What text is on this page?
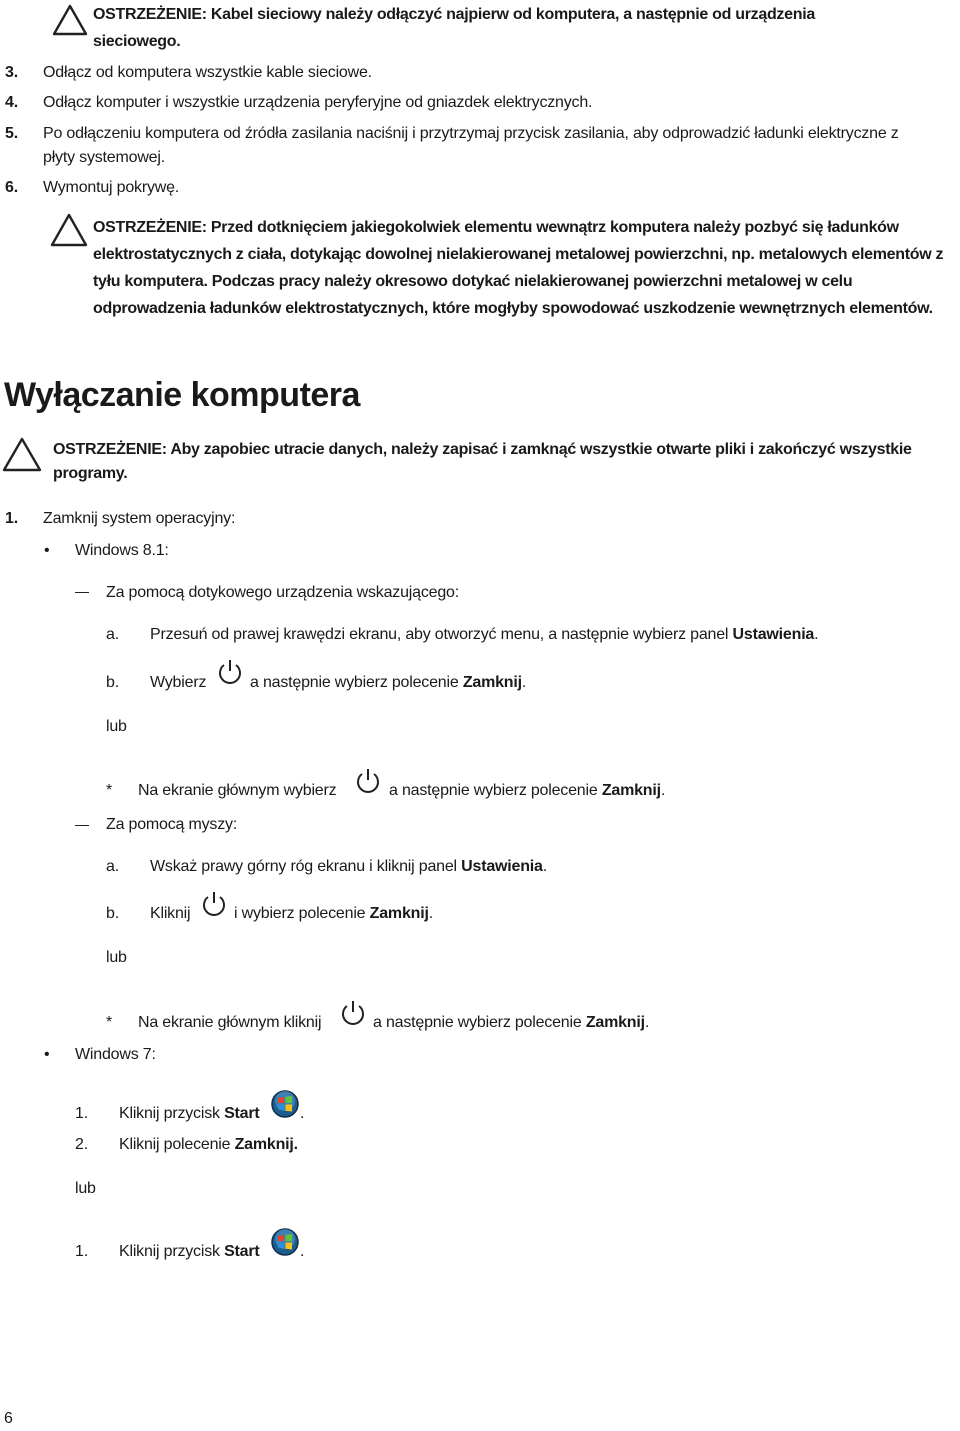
OSTRZEŻENIE: Kabel sieciowy należy odłączyć najpierw od komputera, a następnie od urządzenia sieciowego.
3. Odłącz od komputera wszystkie kable sieciowe.
4. Odłącz komputer i wszystkie urządzenia peryferyjne od gniazdek elektrycznych.
5. Po odłączeniu komputera od źródła zasilania naciśnij i przytrzymaj przycisk zasilania, aby odprowadzić ładunki elektryczne z
płyty systemowej.
6. Wymontuj pokrywę.
OSTRZEŻENIE: Przed dotknięciem jakiegokolwiek elementu wewnątrz komputera należy pozbyć się ładunków elektrostatycznych z ciała, dotykając dowolnej nielakierowanej metalowej powierzchni, np. metalowych elementów z tyłu komputera. Podczas pracy należy okresowo dotykać nielakierowanej powierzchni metalowej w celu odprowadzenia ładunków elektrostatycznych, które mogłyby spowodować uszkodzenie wewnętrznych elementów.
Wyłączanie komputera
OSTRZEŻENIE: Aby zapobiec utracie danych, należy zapisać i zamknąć wszystkie otwarte pliki i zakończyć wszystkie programy.
1. Zamknij system operacyjny:
• Windows 8.1:
Za pomocą dotykowego urządzenia wskazującego:
a. Przesuń od prawej krawędzi ekranu, aby otworzyć menu, a następnie wybierz panel Ustawienia.
b. Wybierz	a następnie wybierz polecenie Zamknij.
lub
* Na ekranie głównym wybierz	a następnie wybierz polecenie Zamknij.
Za pomocą myszy:
a. Wskaż prawy górny róg ekranu i kliknij panel Ustawienia.
b. Kliknij	i wybierz polecenie Zamknij.
lub
* Na ekranie głównym kliknij	a następnie wybierz polecenie Zamknij.
• Windows 7:
1. Kliknij przycisk Start	.
2. Kliknij polecenie Zamknij.
lub
1. Kliknij przycisk Start	.
6
